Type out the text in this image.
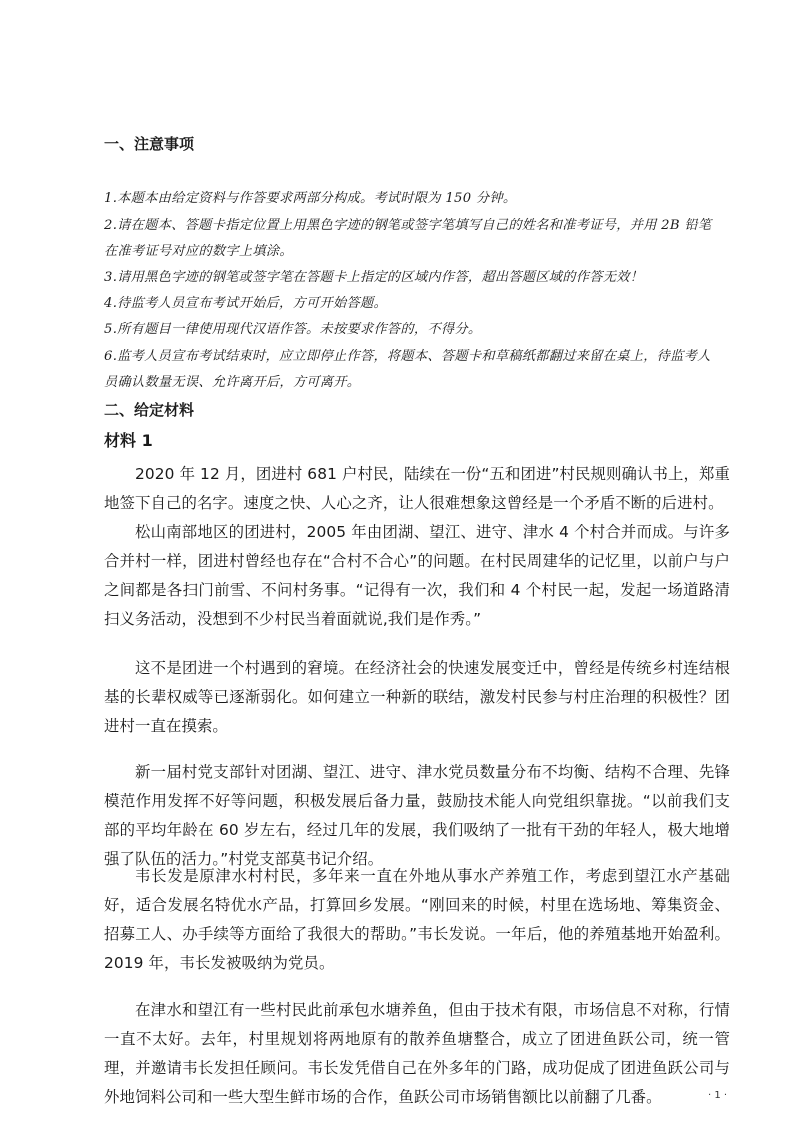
一、注意事项

1.本题本由给定资料与作答要求两部分构成。考试时限为 150 分钟。

2.请在题本、答题卡指定位置上用黑色字迹的钢笔或签字笔填写自己的姓名和准考证号，并用 2B 铅笔在准考证号对应的数字上填涂。

3.请用黑色字迹的钢笔或签字笔在答题卡上指定的区域内作答，超出答题区域的作答无效！

4.待监考人员宣布考试开始后，方可开始答题。

5.所有题目一律使用现代汉语作答。未按要求作答的，不得分。

6.监考人员宣布考试结束时，应立即停止作答，将题本、答题卡和草稿纸都翻过来留在桌上，待监考人员确认数量无误、允许离开后，方可离开。

二、给定材料
材料 1

2020 年 12 月，团进村 681 户村民，陆续在一份“五和团进”村民规则确认书上，郑重地签下自己的名字。速度之快、人心之齐，让人很难想象这曾经是一个矛盾不断的后进村。

松山南部地区的团进村，2005 年由团湖、望江、进守、津水 4 个村合并而成。与许多合并村一样，团进村曾经也存在“合村不合心”的问题。在村民周建华的记忆里，以前户与户之间都是各扫门前雪、不问村务事。“记得有一次，我们和 4 个村民一起，发起一场道路清扫义务活动，没想到不少村民当着面就说,我们是作秀。”

这不是团进一个村遇到的窘境。在经济社会的快速发展变迁中，曾经是传统乡村连结根基的长辈权威等已逐渐弱化。如何建立一种新的联结，激发村民参与村庄治理的积极性？团进村一直在摸索。

新一届村党支部针对团湖、望江、进守、津水党员数量分布不均衡、结构不合理、先锋模范作用发挥不好等问题，积极发展后备力量，鼓励技术能人向党组织靠拢。“以前我们支部的平均年龄在 60 岁左右，经过几年的发展，我们吸纳了一批有干劲的年轻人，极大地增强了队伍的活力。”村党支部莫书记介绍。

韦长发是原津水村村民，多年来一直在外地从事水产养殖工作，考虑到望江水产基础好，适合发展名特优水产品，打算回乡发展。“刚回来的时候，村里在选场地、筹集资金、招募工人、办手续等方面给了我很大的帮助。”韦长发说。一年后，他的养殖基地开始盈利。2019 年，韦长发被吸纳为党员。

在津水和望江有一些村民此前承包水塘养鱼，但由于技术有限，市场信息不对称，行情一直不太好。去年，村里规划将两地原有的散养鱼塘整合，成立了团进鱼跃公司，统一管理，并邀请韦长发担任顾问。韦长发凭借自己在外多年的门路，成功促成了团进鱼跃公司与外地饲料公司和一些大型生鲜市场的合作，鱼跃公司市场销售额比以前翻了几番。	· 1 ·
